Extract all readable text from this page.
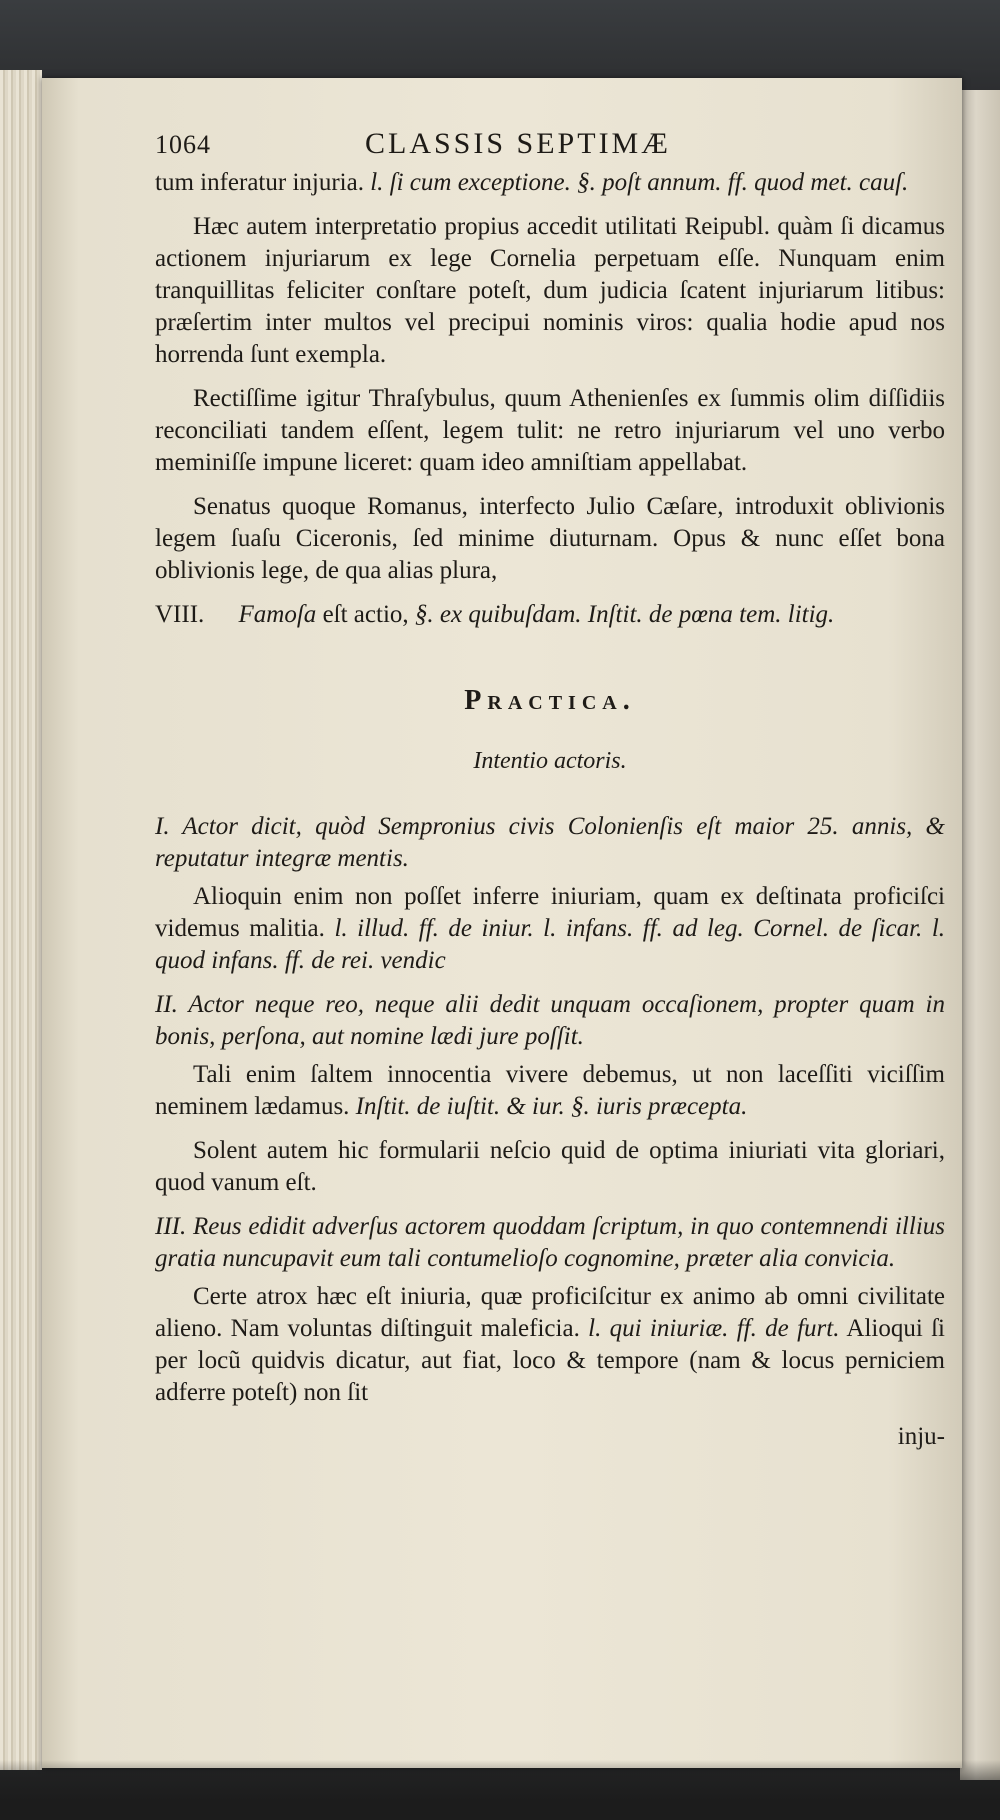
1064	CLASSIS SEPTIMÆ

tum inferatur injuria. l. ſi cum exceptione. §. poſt annum. ff. quod met. cauſ.

Hæc autem interpretatio propius accedit utilitati Reipubl. quàm ſi dicamus actionem injuriarum ex lege Cornelia perpetuam eſſe. Nunquam enim tranquillitas feliciter conſtare poteſt, dum judicia ſcatent injuriarum litibus: præſertim inter multos vel precipui nominis viros: qualia hodie apud nos horrenda ſunt exempla.

Rectiſſime igitur Thraſybulus, quum Athenienſes ex ſummis olim diſſidiis reconciliati tandem eſſent, legem tulit: ne retro injuriarum vel uno verbo meminiſſe impune liceret: quam ideo amniſtiam appellabat.

Senatus quoque Romanus, interfecto Julio Cæſare, introduxit oblivionis legem ſuaſu Ciceronis, ſed minime diuturnam. Opus & nunc eſſet bona oblivionis lege, de qua alias plura,

VIII. Famoſa eſt actio, §. ex quibuſdam. Inſtit. de pœna tem. litig.

Practica.
Intentio actoris.

I. Actor dicit, quòd Sempronius civis Colonienſis eſt maior 25. annis, & reputatur integræ mentis.

Alioquin enim non poſſet inferre iniuriam, quam ex deſtinata proficiſci videmus malitia. l. illud. ff. de iniur. l. infans. ff. ad leg. Cornel. de ſicar. l. quod infans. ff. de rei. vendic

II. Actor neque reo, neque alii dedit unquam occaſionem, propter quam in bonis, perſona, aut nomine lædi jure poſſit.

Tali enim ſaltem innocentia vivere debemus, ut non laceſſiti viciſſim neminem lædamus. Inſtit. de iuſtit. & iur. §. iuris præcepta.

Solent autem hic formularii neſcio quid de optima iniuriati vita gloriari, quod vanum eſt.

III. Reus edidit adverſus actorem quoddam ſcriptum, in quo contemnendi illius gratia nuncupavit eum tali contumelioſo cognomine, præter alia convicia.

Certe atrox hæc eſt iniuria, quæ proficiſcitur ex animo ab omni civilitate alieno. Nam voluntas diſtinguit maleficia. l. qui iniuriæ. ff. de furt. Alioqui ſi per locũ quidvis dicatur, aut fiat, loco & tempore (nam & locus perniciem adferre poteſt) non ſit

inju-
